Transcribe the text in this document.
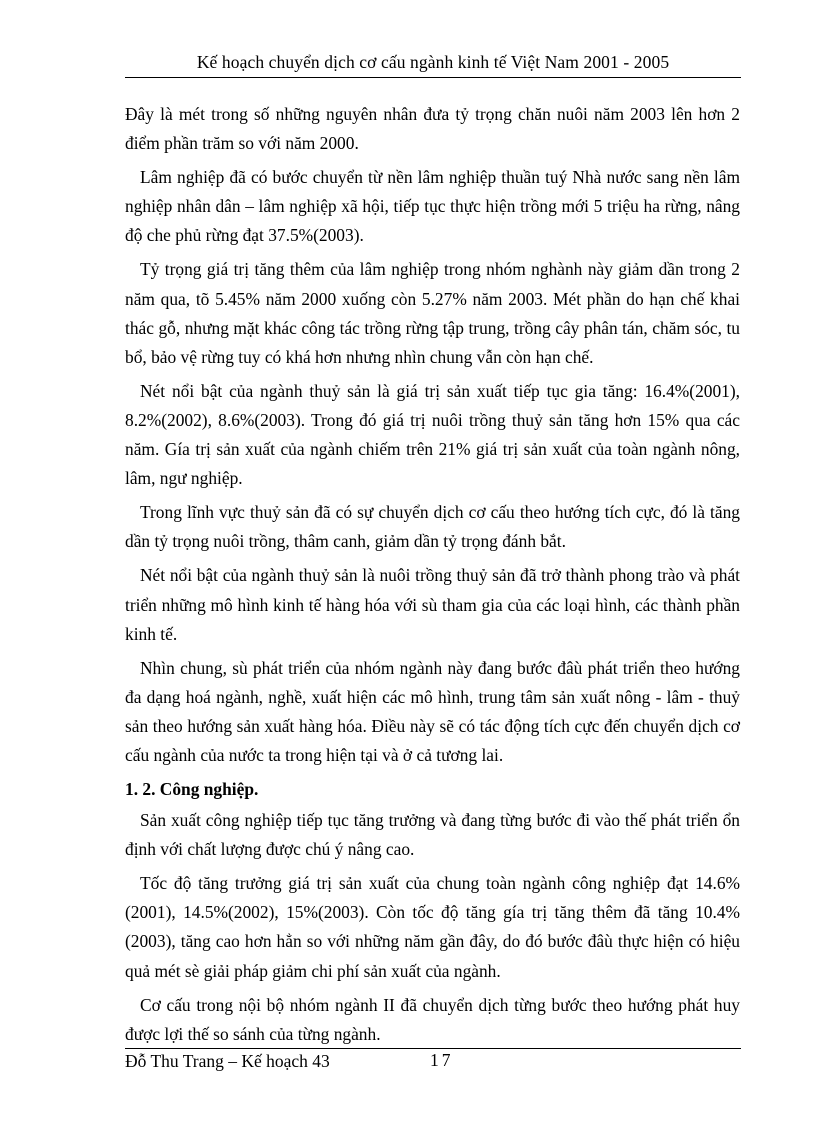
Kế hoạch chuyển dịch cơ cấu ngành kinh tế Việt Nam 2001 - 2005

Đây là mét trong số những nguyên nhân đưa tỷ trọng chăn nuôi năm 2003 lên hơn 2 điểm phần trăm so với năm 2000.

Lâm nghiệp đã có bước chuyển từ nền lâm nghiệp thuần tuý Nhà nước sang nền lâm nghiệp nhân dân – lâm nghiệp xã hội, tiếp tục thực hiện trồng mới 5 triệu ha rừng, nâng độ che phủ rừng đạt 37.5%(2003).

Tỷ trọng giá trị tăng thêm của lâm nghiệp trong nhóm nghành này giảm dần trong 2 năm qua, tõ 5.45% năm 2000 xuống còn 5.27% năm 2003. Mét phần do hạn chế khai thác gỗ, nhưng mặt khác công tác trồng rừng tập trung, trồng cây phân tán, chăm sóc, tu bổ, bảo vệ rừng tuy có khá hơn nhưng nhìn chung vẫn còn hạn chế.

Nét nổi bật của ngành thuỷ sản là giá trị sản xuất tiếp tục gia tăng: 16.4%(2001), 8.2%(2002), 8.6%(2003). Trong đó giá trị nuôi trồng thuỷ sản tăng hơn 15% qua các năm. Gía trị sản xuất của ngành chiếm trên 21% giá trị sản xuất của toàn ngành nông, lâm, ngư nghiệp.

Trong lĩnh vực thuỷ sản đã có sự chuyển dịch cơ cấu theo hướng tích cực, đó là tăng dần tỷ trọng nuôi trồng, thâm canh, giảm dần tỷ trọng đánh bắt.

Nét nổi bật của ngành thuỷ sản là nuôi trồng thuỷ sản đã trở thành phong trào và phát triển những mô hình kinh tế hàng hóa với sù tham gia của các loại hình, các thành phần kinh tế.

Nhìn chung, sù phát triển của nhóm ngành này đang bước đâù phát triển theo hướng đa dạng hoá ngành, nghề, xuất hiện các mô hình, trung tâm sản xuất nông - lâm - thuỷ sản theo hướng sản xuất hàng hóa. Điều này sẽ có tác động tích cực đến chuyển dịch cơ cấu ngành của nước ta trong hiện tại và ở cả tương lai.

1. 2. Công nghiệp.

Sản xuất công nghiệp tiếp tục tăng trưởng và đang từng bước đi vào thế phát triển ổn định với chất lượng được chú ý nâng cao.

Tốc độ tăng trưởng giá trị sản xuất của chung toàn ngành công nghiệp đạt 14.6%(2001), 14.5%(2002), 15%(2003). Còn tốc độ tăng gía trị tăng thêm đã tăng 10.4%(2003), tăng cao hơn hẳn so với những năm gần đây, do đó bước đâù thực hiện có hiệu quả mét sè giải pháp giảm chi phí sản xuất của ngành.

Cơ cấu trong nội bộ nhóm ngành II đã chuyển dịch từng bước theo hướng phát huy được lợi thế so sánh của từng ngành.

Đỗ Thu Trang – Kế hoạch 43	17
